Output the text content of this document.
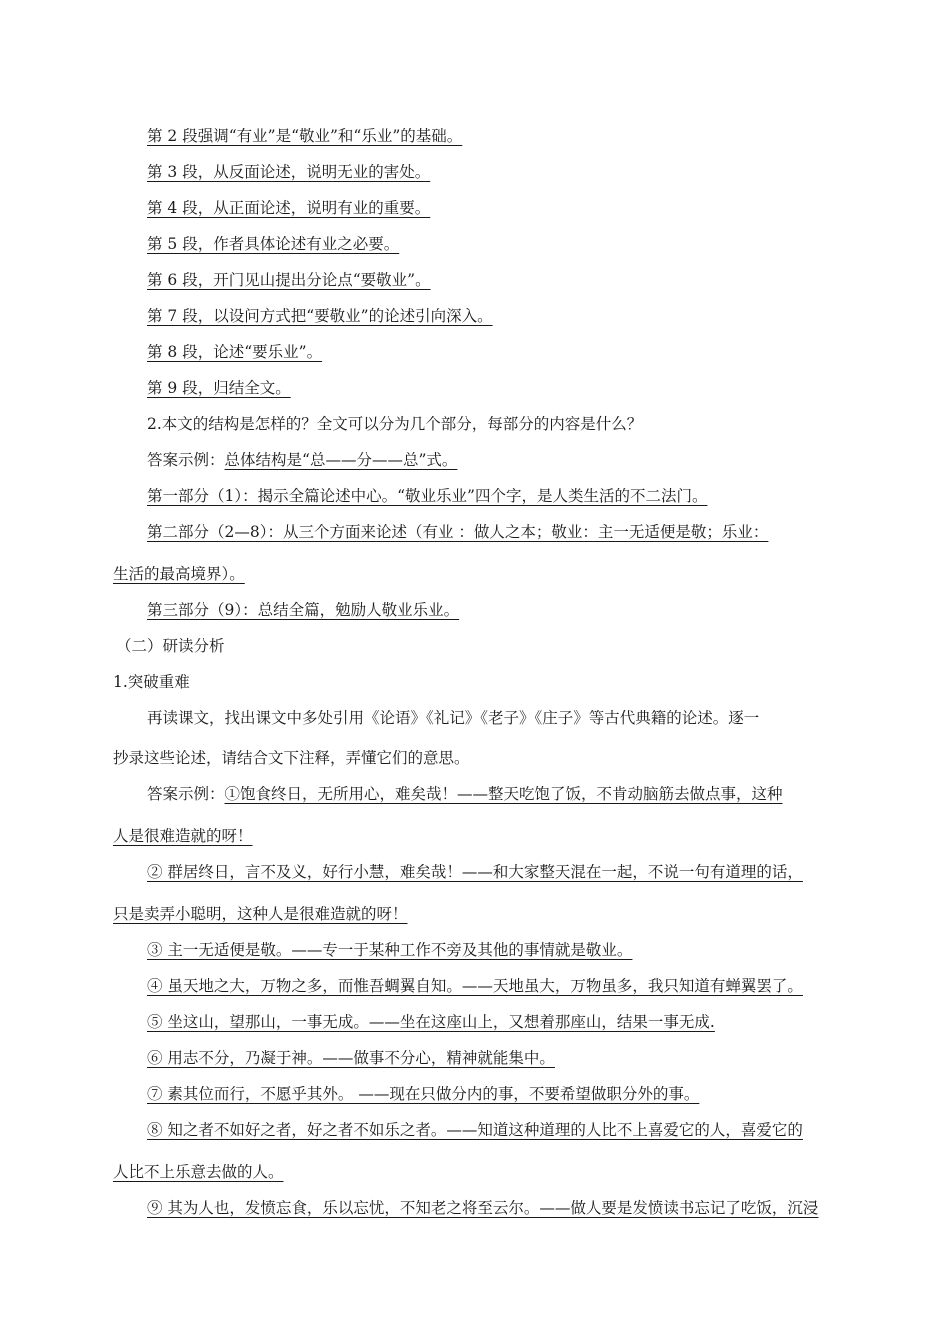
第 2 段强调“有业”是“敬业”和“乐业”的基础。
第 3 段，从反面论述，说明无业的害处。
第 4 段，从正面论述，说明有业的重要。
第 5 段，作者具体论述有业之必要。
第 6 段，开门见山提出分论点“要敬业”。
第 7 段，以设问方式把“要敬业”的论述引向深入。
第 8 段，论述“要乐业”。
第 9 段，归结全文。
2.本文的结构是怎样的？全文可以分为几个部分，每部分的内容是什么？
答案示例：总体结构是“总——分——总”式。
第一部分（1）：揭示全篇论述中心。“敬业乐业”四个字，是人类生活的不二法门。
第二部分（2—8）：从三个方面来论述（有业 ：做人之本；敬业：主一无适便是敬；乐业：
生活的最高境界）。
第三部分（9）：总结全篇，勉励人敬业乐业。
（二）研读分析
1.突破重难
再读课文，找出课文中多处引用《论语》《礼记》《老子》《庄子》等古代典籍的论述。逐一
抄录这些论述，请结合文下注释，弄懂它们的意思。
答案示例：①饱食终日，无所用心，难矣哉！——整天吃饱了饭，不肯动脑筋去做点事，这种
人是很难造就的呀！
② 群居终日，言不及义，好行小慧，难矣哉！——和大家整天混在一起，不说一句有道理的话，
只是卖弄小聪明，这种人是很难造就的呀！
③ 主一无适便是敬。——专一于某种工作不旁及其他的事情就是敬业。
④ 虽天地之大，万物之多，而惟吾蜩翼自知。——天地虽大，万物虽多，我只知道有蝉翼罢了。
⑤ 坐这山，望那山，一事无成。——坐在这座山上，又想着那座山，结果一事无成.
⑥ 用志不分，乃凝于神。——做事不分心，精神就能集中。
⑦ 素其位而行，不愿乎其外。 ——现在只做分内的事，不要希望做职分外的事。
⑧ 知之者不如好之者，好之者不如乐之者。——知道这种道理的人比不上喜爱它的人，喜爱它的
人比不上乐意去做的人。
⑨ 其为人也，发愤忘食，乐以忘忧，不知老之将至云尔。——做人要是发愤读书忘记了吃饭，沉浸
